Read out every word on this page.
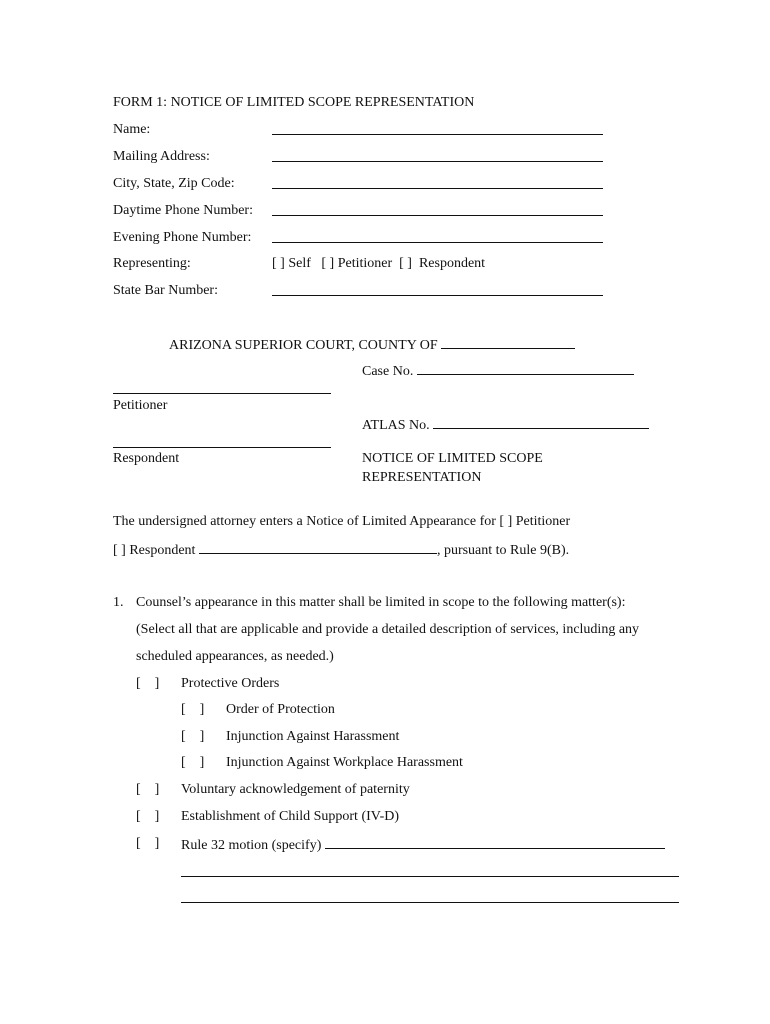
FORM 1: NOTICE OF LIMITED SCOPE REPRESENTATION
Name:
Mailing Address:
City, State, Zip Code:
Daytime Phone Number:
Evening Phone Number:
Representing:	[ ] Self   [ ] Petitioner  [ ]  Respondent
State Bar Number:
ARIZONA SUPERIOR COURT, COUNTY OF
Case No.
Petitioner
ATLAS No.
Respondent	NOTICE OF LIMITED SCOPE
REPRESENTATION
The undersigned attorney enters a Notice of Limited Appearance for [ ] Petitioner
[ ] Respondent	, pursuant to Rule 9(B).
1. Counsel’s appearance in this matter shall be limited in scope to the following matter(s):
(Select all that are applicable and provide a detailed description of services, including any
scheduled appearances, as needed.)
[    ] Protective Orders
[    ] Order of Protection
[    ] Injunction Against Harassment
[    ] Injunction Against Workplace Harassment
[    ] Voluntary acknowledgement of paternity
[    ] Establishment of Child Support (IV-D)
[    ] Rule 32 motion (specify)
